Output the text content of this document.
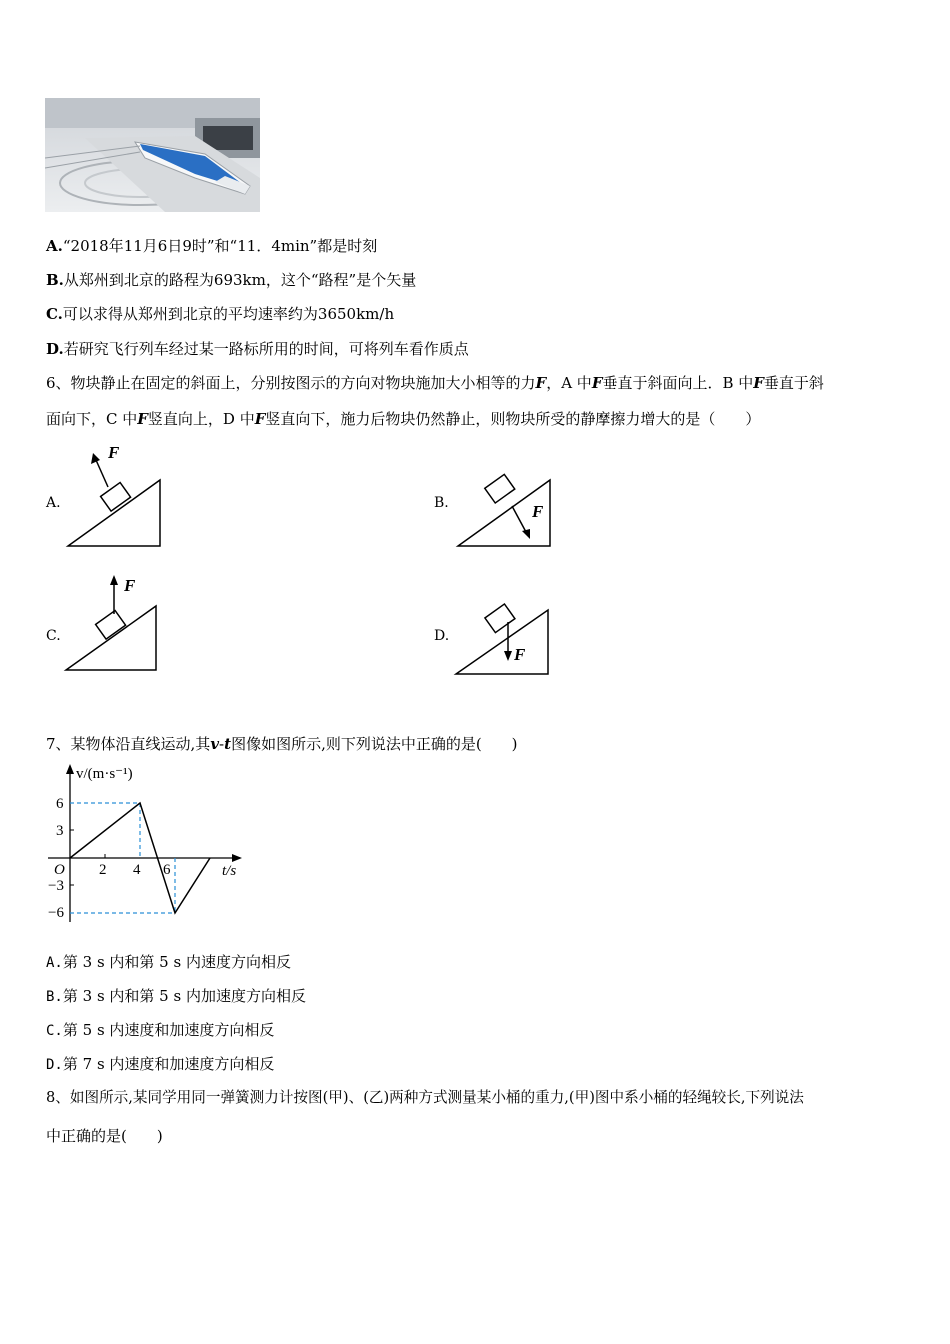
A.“2018年11月6日9时”和“11．4min”都是时刻
B.从郑州到北京的路程为693km，这个“路程”是个矢量
C.可以求得从郑州到北京的平均速率约为3650km/h
D.若研究飞行列车经过某一路标所用的时间，可将列车看作质点
6、物块静止在固定的斜面上，分别按图示的方向对物块施加大小相等的力F，A 中F垂直于斜面向上．B 中F垂直于斜
面向下，C 中F竖直向上，D 中F竖直向下，施力后物块仍然静止，则物块所受的静摩擦力增大的是（　　）
A.	B.
C.	D.
F
F
F
F
7、某物体沿直线运动,其v-t图像如图所示,则下列说法中正确的是(　　)
v/(m·s⁻¹)
t/s
O
6
3
−3
−6
2 4 6
A.第 3 s 内和第 5 s 内速度方向相反
B.第 3 s 内和第 5 s 内加速度方向相反
C.第 5 s 内速度和加速度方向相反
D.第 7 s 内速度和加速度方向相反
8、如图所示,某同学用同一弹簧测力计按图(甲)、(乙)两种方式测量某小桶的重力,(甲)图中系小桶的轻绳较长,下列说法
中正确的是(　　)
